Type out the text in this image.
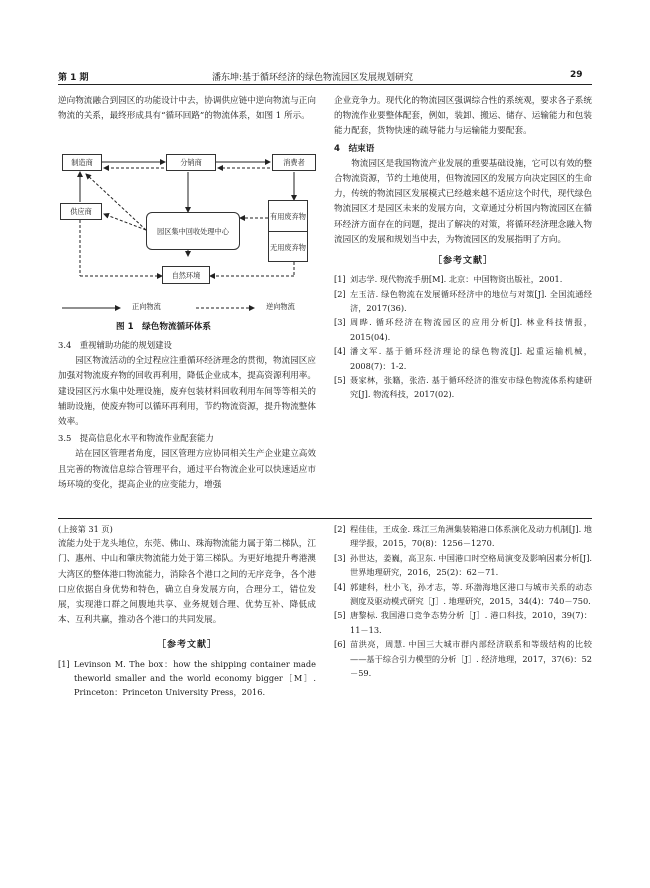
第 1 期	潘东坤:基于循环经济的绿色物流园区发展规划研究	29

逆向物流融合到园区的功能设计中去，协调供应链中逆向物流与正向物流的关系，最终形成具有“循环回路”的物流体系，如图 1 所示。

制造商	分销商	消费者
供应商
园区集中回收处理中心
有用废弃物
无用废弃物
自然环境
正向物流	逆向物流
图 1　绿色物流循环体系
3.4　重视辅助功能的规划建设

园区物流活动的全过程应注重循环经济理念的贯彻，物流园区应加强对物流废弃物的回收再利用，降低企业成本，提高资源利用率。建设园区污水集中处理设施，废弃包装材料回收利用车间等等相关的辅助设施，使废弃物可以循环再利用，节约物流资源，提升物流整体效率。

3.5　提高信息化水平和物流作业配套能力

站在园区管理者角度，园区管理方应协同相关生产企业建立高效且完善的物流信息综合管理平台，通过平台物流企业可以快速适应市场环境的变化，提高企业的应变能力，增强

企业竞争力。现代化的物流园区强调综合性的系统观，要求各子系统的物流作业要整体配套，例如，装卸、搬运、储存、运输能力和包装能力配套，货物快速的疏导能力与运输能力要配套。

4　结束语

物流园区是我国物流产业发展的重要基础设施，它可以有效的整合物流资源，节约土地使用，但物流园区的发展方向决定园区的生命力，传统的物流园区发展模式已经越来越不适应这个时代，现代绿色物流园区才是园区未来的发展方向，文章通过分析国内物流园区在循环经济方面存在的问题，提出了解决的对策，将循环经济理念融入物流园区的发展和规划当中去，为物流园区的发展指明了方向。

［参考文献］
[1] 刘志学. 现代物流手册[M]. 北京：中国物资出版社，2001.
[2] 左玉洁. 绿色物流在发展循环经济中的地位与对策[J]. 全国流通经济，2017(36).
[3] 周晔. 循环经济在物流园区的应用分析[J]. 林业科技情报，2015(04).
[4] 潘文军. 基于循环经济理论的绿色物流[J]. 起重运输机械，2008(7)：1-2.
[5] 聂家林，张籍，张浩. 基于循环经济的淮安市绿色物流体系构建研究[J]. 物流科技，2017(02).
(上接第 31 页)

流能力处于龙头地位，东莞、佛山、珠海物流能力属于第二梯队，江门、惠州、中山和肇庆物流能力处于第三梯队。为更好地提升粤港澳大湾区的整体港口物流能力，消除各个港口之间的无序竞争，各个港口应依据自身优势和特色，确立自身发展方向，合理分工，错位发展，实现港口群之间腹地共享、业务规划合理、优势互补、降低成本、互利共赢，推动各个港口的共同发展。

［参考文献］
[1] Levinson M. The box：how the shipping container made theworld smaller and the world economy bigger［M］. Princeton：Princeton University Press，2016.
[2] 程佳佳，王成金. 珠江三角洲集装箱港口体系演化及动力机制[J]. 地理学报，2015，70(8)：1256－1270.
[3] 孙世达，姜巍，高卫东. 中国港口时空格局演变及影响因素分析[J]. 世界地理研究，2016，25(2)：62－71.
[4] 郭建科，杜小飞，孙才志，等. 环渤海地区港口与城市关系的动态测度及驱动模式研究［J］. 地理研究，2015，34(4)：740－750.
[5] 唐黎标. 我国港口竞争态势分析［J］. 港口科技，2010，39(7)：11－13.
[6] 苗洪亮，周慧. 中国三大城市群内部经济联系和等级结构的比较——基于综合引力模型的分析［J］. 经济地理，2017，37(6)：52－59.
